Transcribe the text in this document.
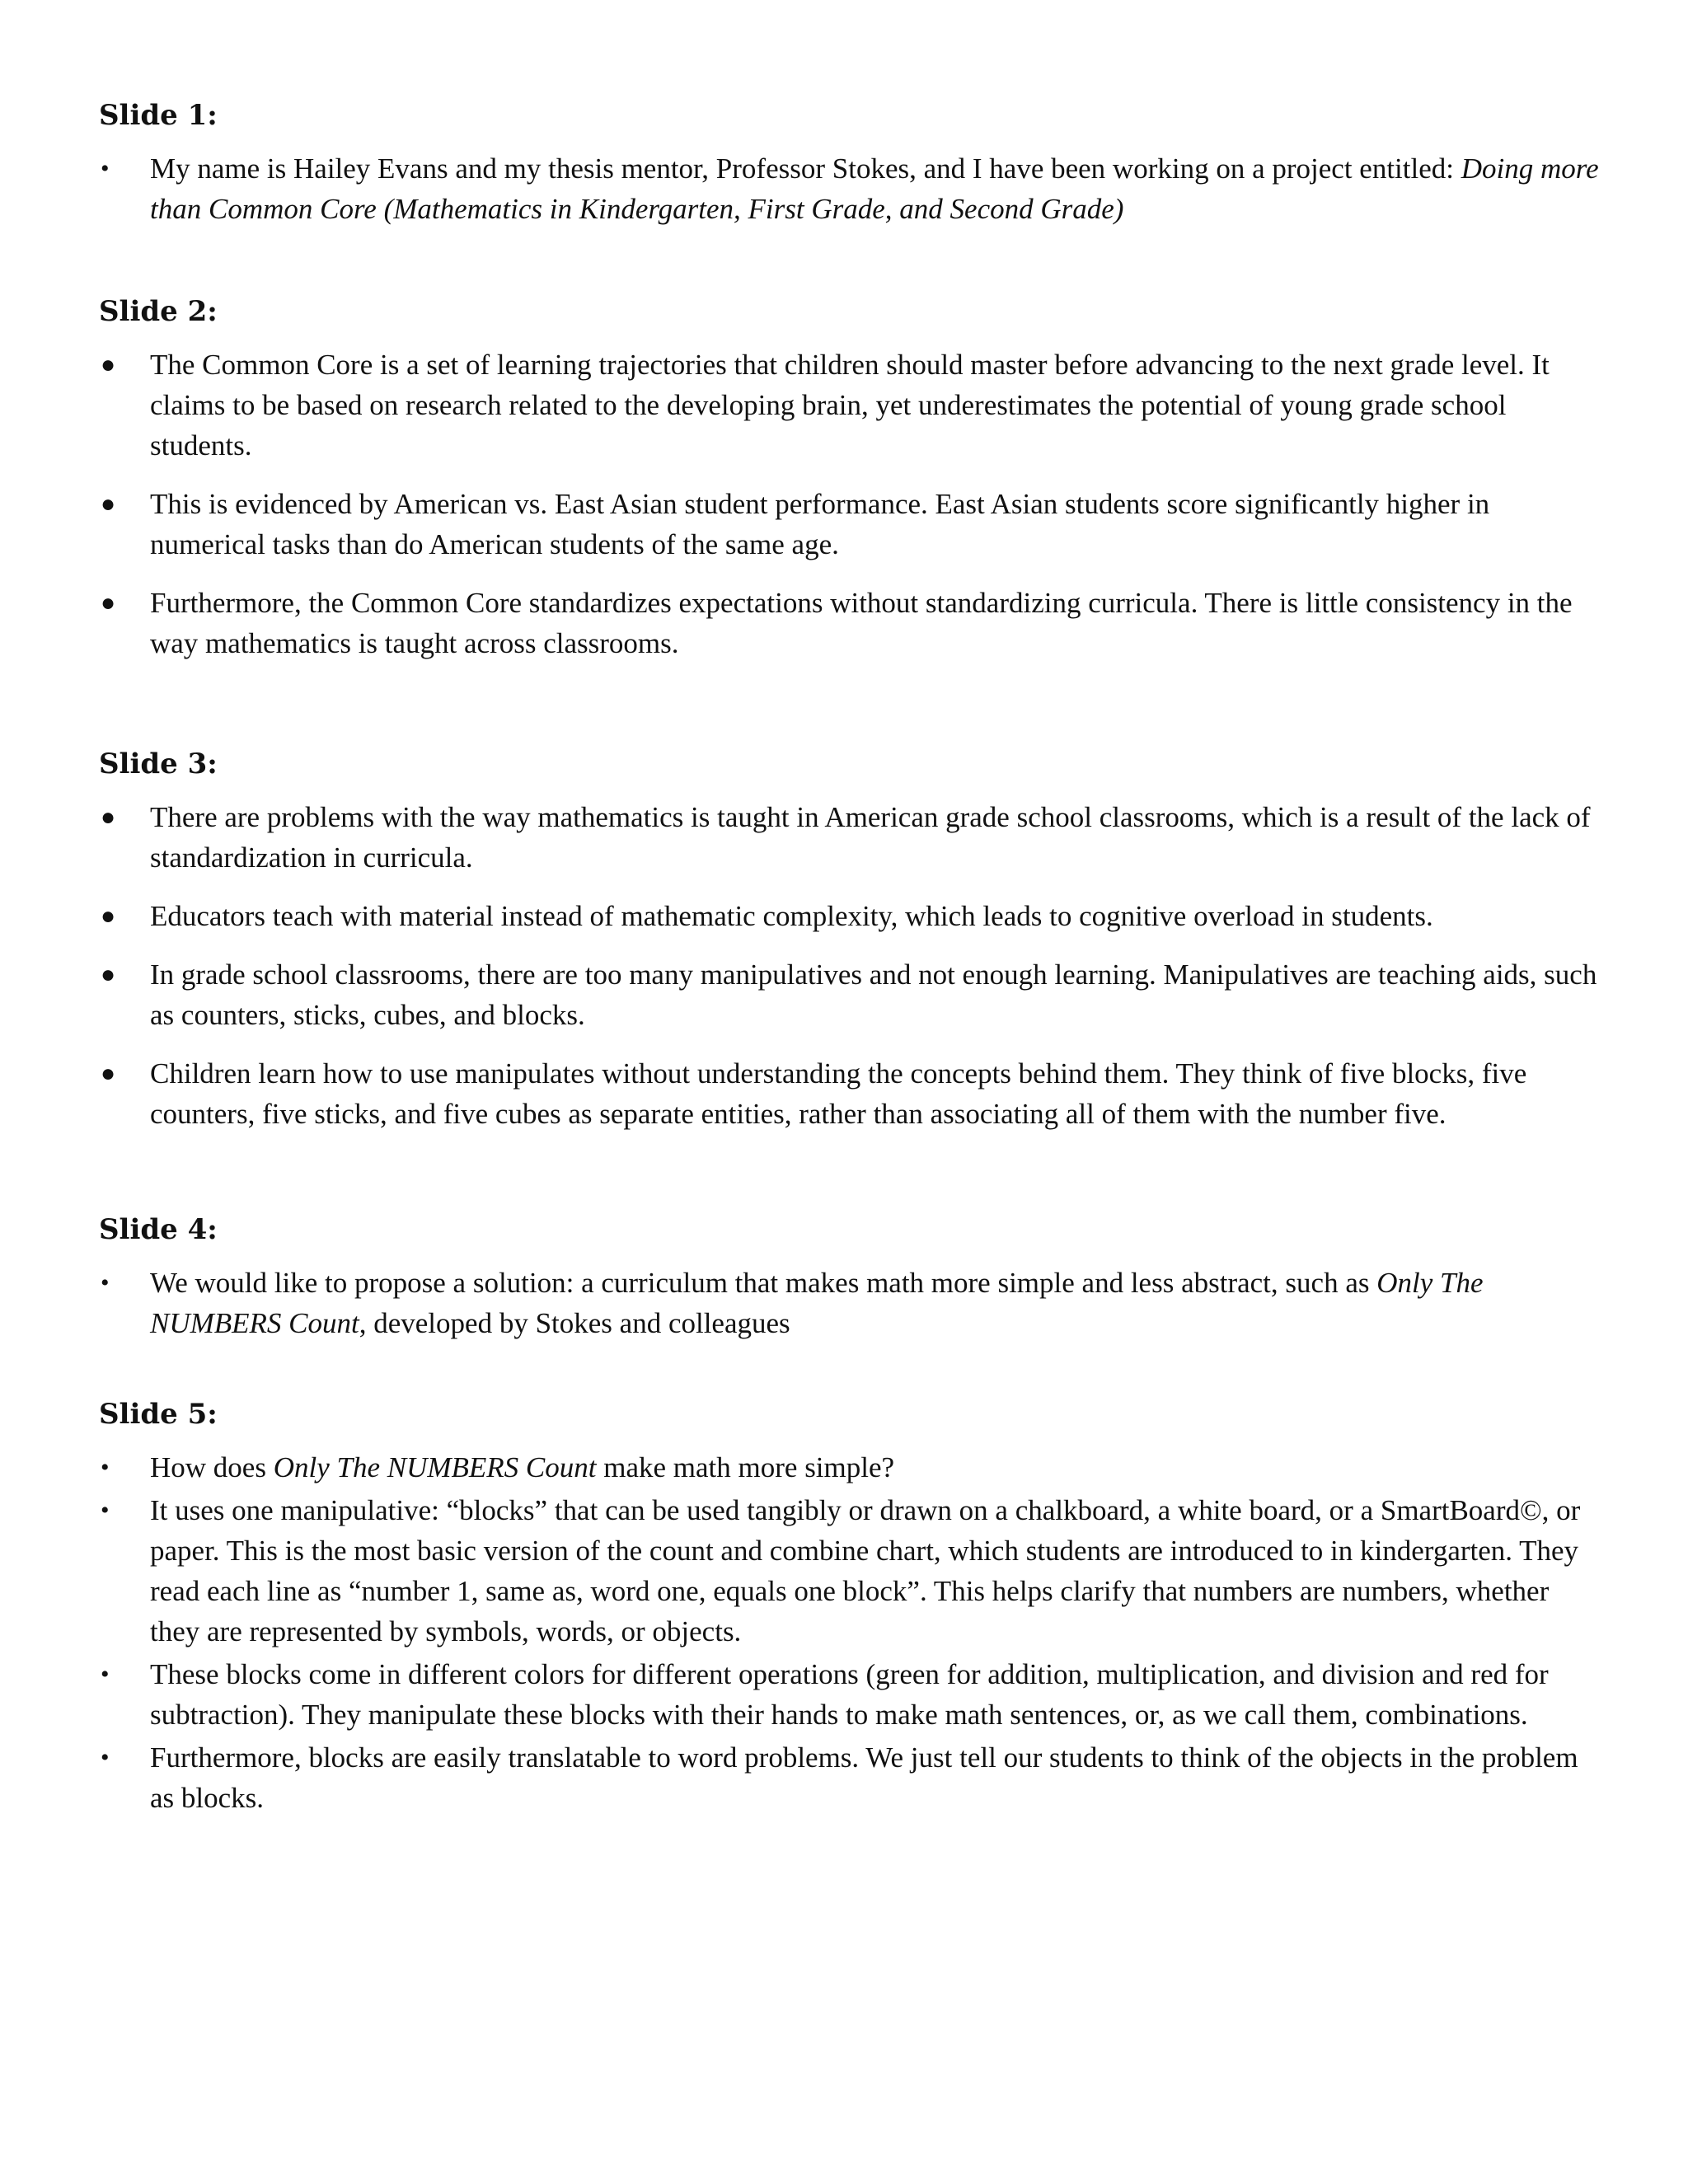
Slide 1:
• My name is Hailey Evans and my thesis mentor, Professor Stokes, and I have been working on a project entitled: Doing more than Common Core (Mathematics in Kindergarten, First Grade, and Second Grade)
Slide 2:
● The Common Core is a set of learning trajectories that children should master before advancing to the next grade level. It claims to be based on research related to the developing brain, yet underestimates the potential of young grade school students.
● This is evidenced by American vs. East Asian student performance. East Asian students score significantly higher in numerical tasks than do American students of the same age.
● Furthermore, the Common Core standardizes expectations without standardizing curricula. There is little consistency in the way mathematics is taught across classrooms.
Slide 3:
● There are problems with the way mathematics is taught in American grade school classrooms, which is a result of the lack of standardization in curricula.
● Educators teach with material instead of mathematic complexity, which leads to cognitive overload in students.
● In grade school classrooms, there are too many manipulatives and not enough learning. Manipulatives are teaching aids, such as counters, sticks, cubes, and blocks.
● Children learn how to use manipulates without understanding the concepts behind them. They think of five blocks, five counters, five sticks, and five cubes as separate entities, rather than associating all of them with the number five.
Slide 4:
• We would like to propose a solution: a curriculum that makes math more simple and less abstract, such as Only The NUMBERS Count, developed by Stokes and colleagues
Slide 5:
• How does Only The NUMBERS Count make math more simple?
• It uses one manipulative: “blocks” that can be used tangibly or drawn on a chalkboard, a white board, or a SmartBoard©, or paper. This is the most basic version of the count and combine chart, which students are introduced to in kindergarten. They read each line as “number 1, same as, word one, equals one block”. This helps clarify that numbers are numbers, whether they are represented by symbols, words, or objects.
• These blocks come in different colors for different operations (green for addition, multiplication, and division and red for subtraction). They manipulate these blocks with their hands to make math sentences, or, as we call them, combinations.
• Furthermore, blocks are easily translatable to word problems. We just tell our students to think of the objects in the problem as blocks.
